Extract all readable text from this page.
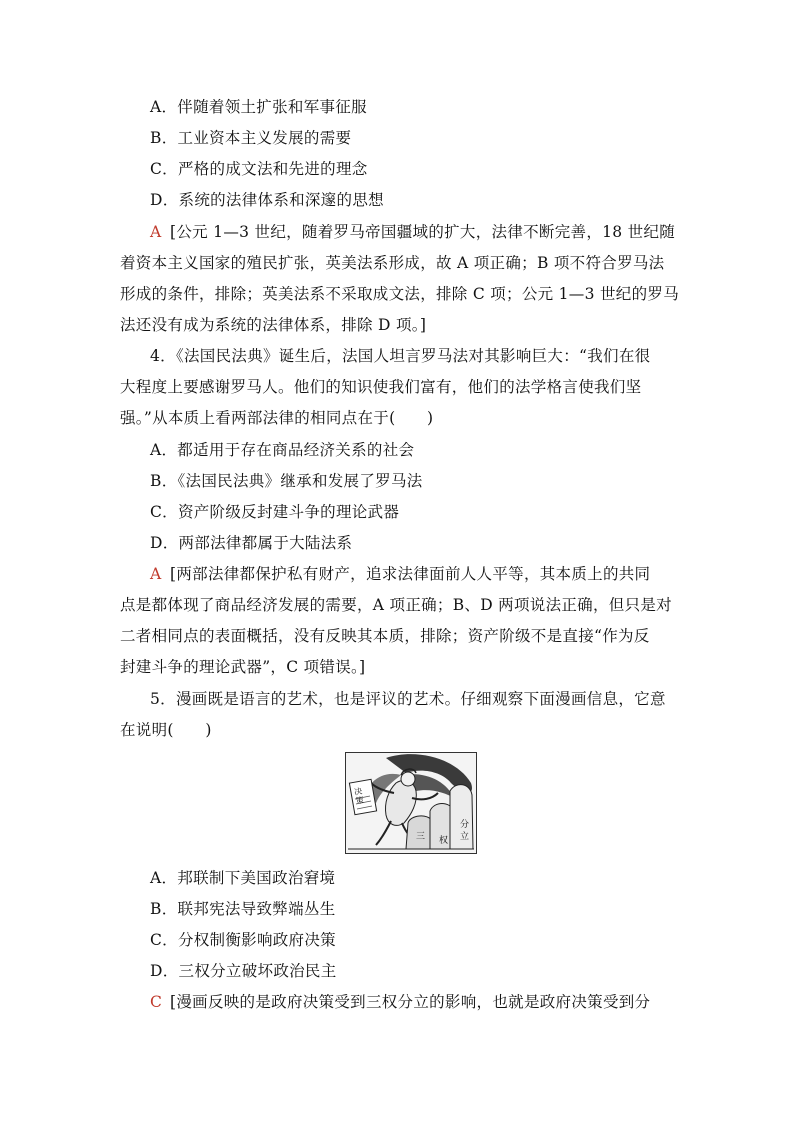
A．伴随着领土扩张和军事征服
B．工业资本主义发展的需要
C．严格的成文法和先进的理念
D．系统的法律体系和深邃的思想
A [公元 1—3 世纪，随着罗马帝国疆域的扩大，法律不断完善，18 世纪随
着资本主义国家的殖民扩张，英美法系形成，故 A 项正确；B 项不符合罗马法
形成的条件，排除；英美法系不采取成文法，排除 C 项；公元 1—3 世纪的罗马
法还没有成为系统的法律体系，排除 D 项。]
4．《法国民法典》诞生后，法国人坦言罗马法对其影响巨大：“我们在很
大程度上要感谢罗马人。他们的知识使我们富有，他们的法学格言使我们坚
强。”从本质上看两部法律的相同点在于(　　)
A．都适用于存在商品经济关系的社会
B．《法国民法典》继承和发展了罗马法
C．资产阶级反封建斗争的理论武器
D．两部法律都属于大陆法系
A [两部法律都保护私有财产，追求法律面前人人平等，其本质上的共同
点是都体现了商品经济发展的需要，A 项正确；B、D 两项说法正确，但只是对
二者相同点的表面概括，没有反映其本质，排除；资产阶级不是直接“作为反
封建斗争的理论武器”，C 项错误。]
5．漫画既是语言的艺术，也是评议的艺术。仔细观察下面漫画信息，它意
在说明(　　)
决策
三 权
分
立
A．邦联制下美国政治窘境
B．联邦宪法导致弊端丛生
C．分权制衡影响政府决策
D．三权分立破坏政治民主
C [漫画反映的是政府决策受到三权分立的影响，也就是政府决策受到分
